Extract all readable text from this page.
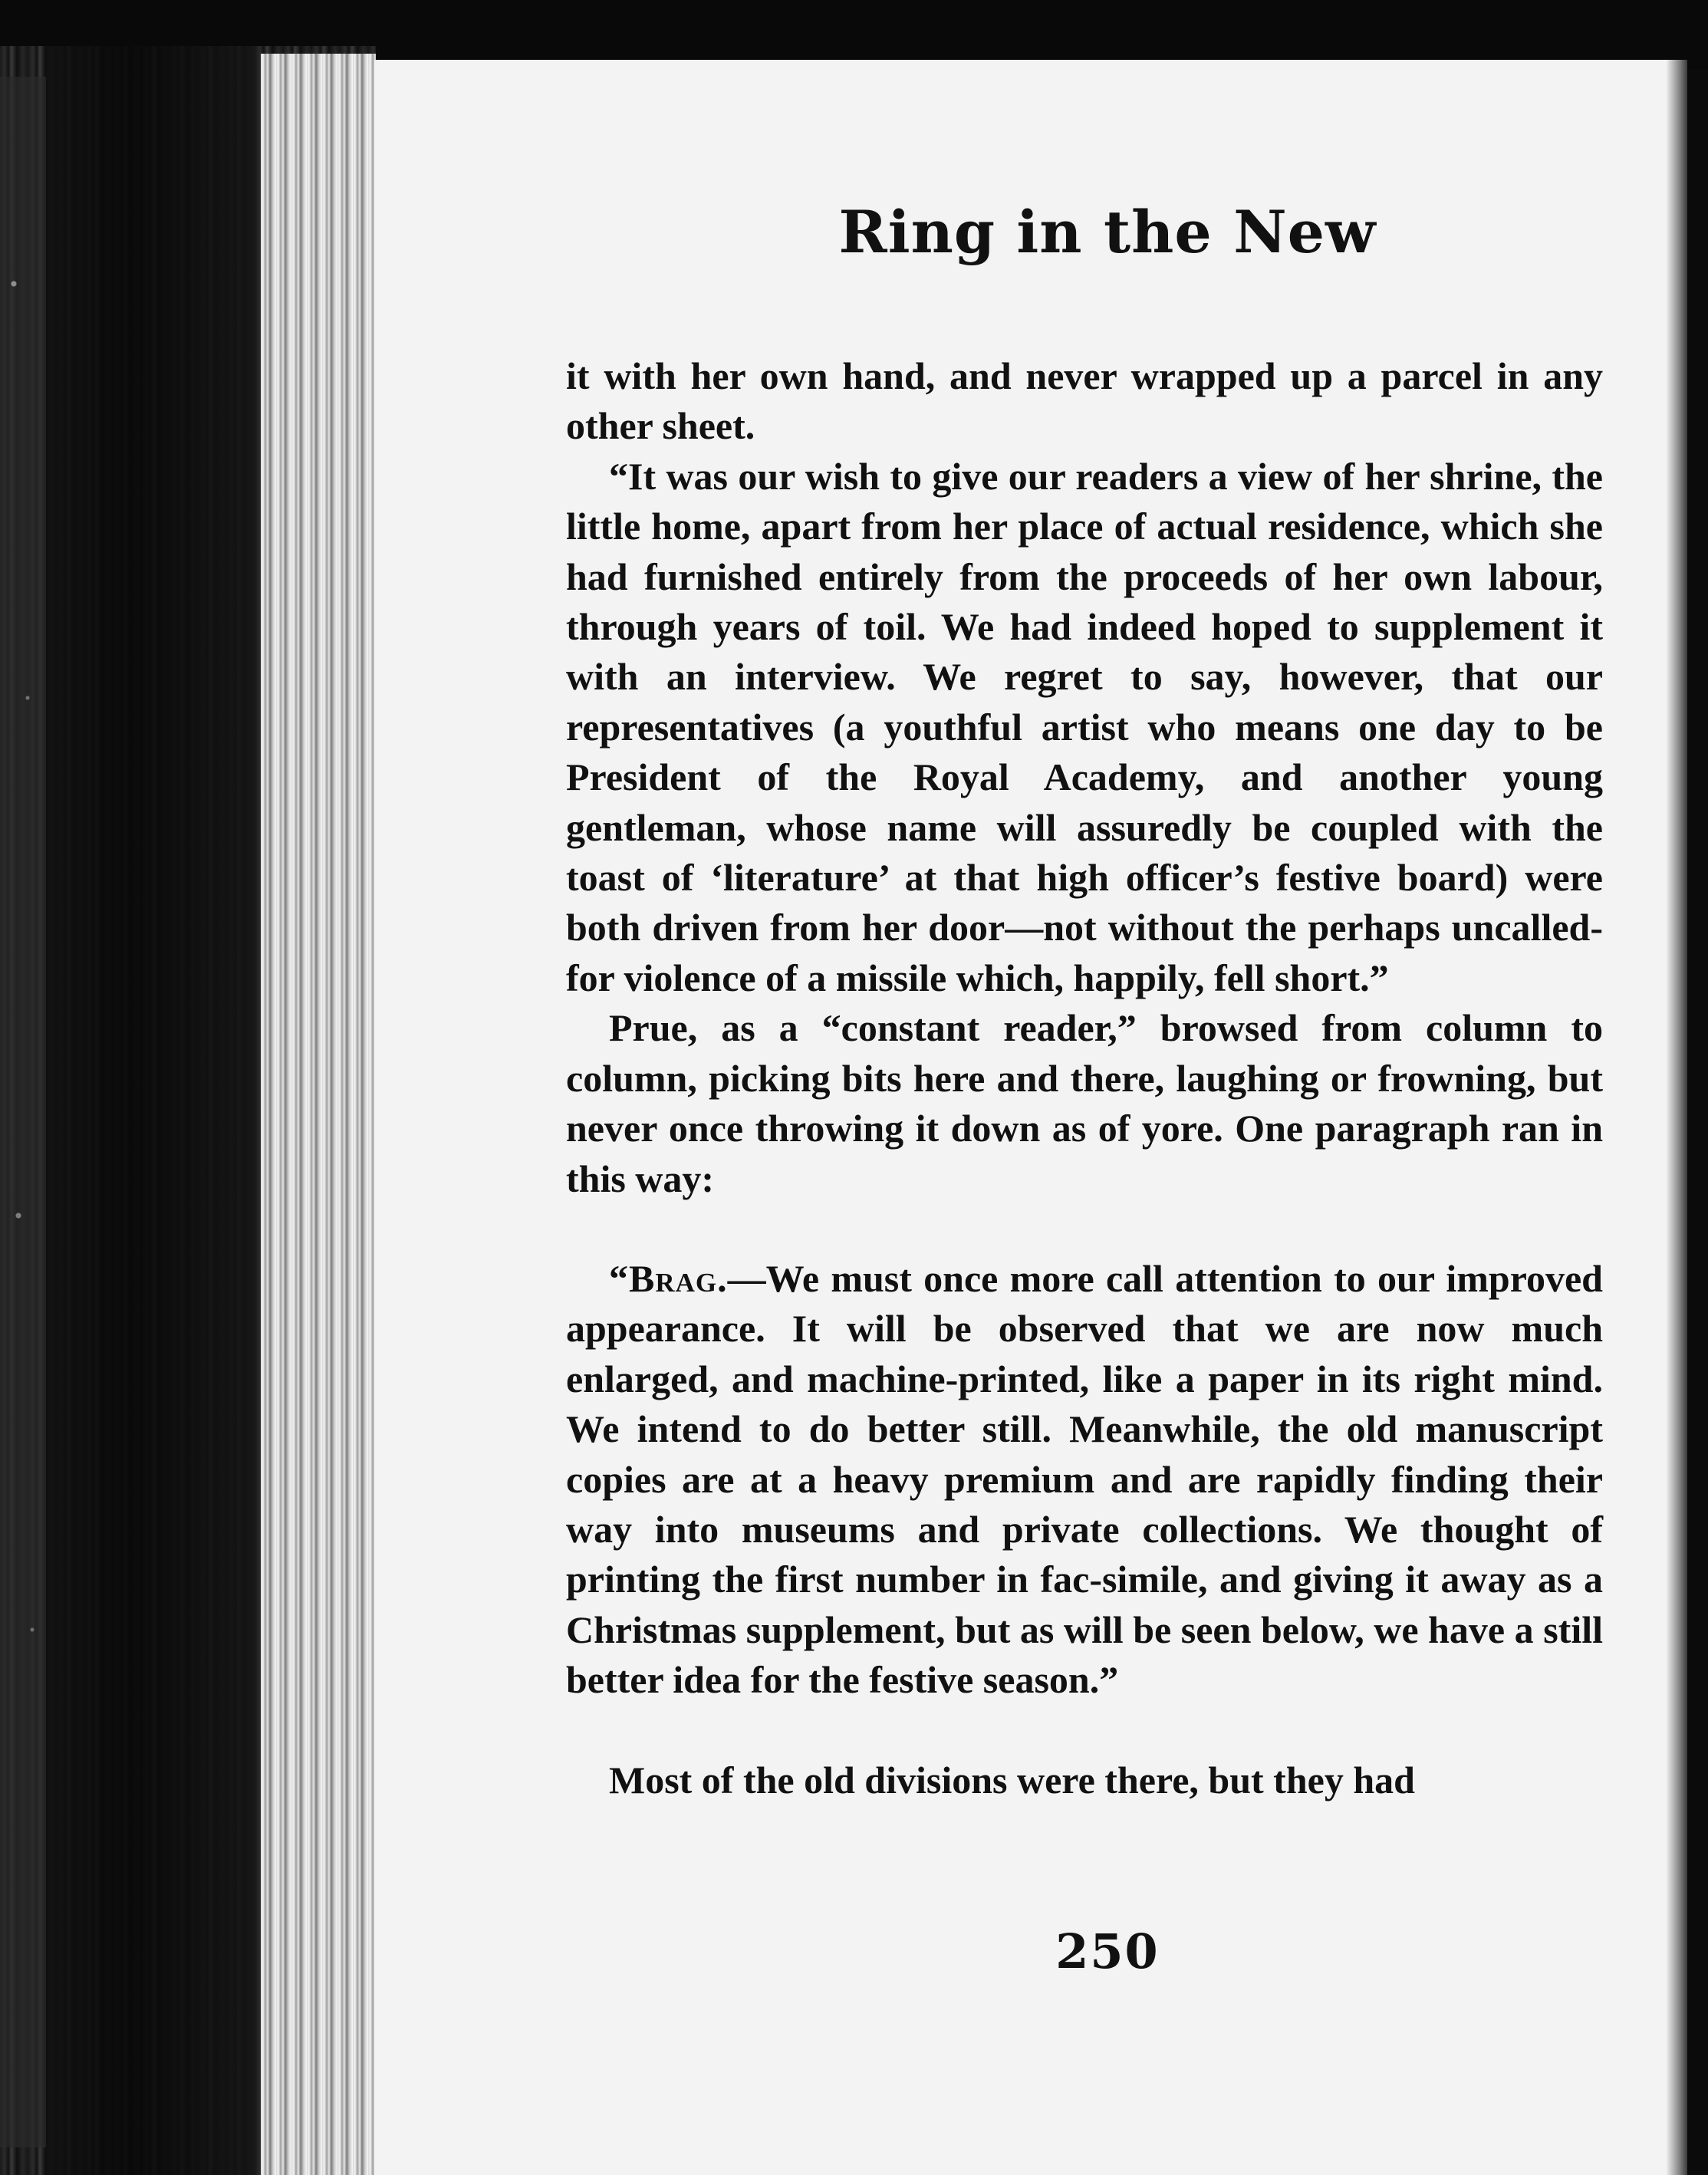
Ring in the New

it with her own hand, and never wrapped up a parcel in any other sheet.

“It was our wish to give our readers a view of her shrine, the little home, apart from her place of actual residence, which she had furnished entirely from the proceeds of her own labour, through years of toil. We had indeed hoped to supplement it with an interview. We regret to say, however, that our representatives (a youthful artist who means one day to be President of the Royal Academy, and another young gentleman, whose name will assuredly be coupled with the toast of ‘literature’ at that high officer’s festive board) were both driven from her door—not without the perhaps uncalled-for violence of a missile which, happily, fell short.”

Prue, as a “constant reader,” browsed from column to column, picking bits here and there, laughing or frowning, but never once throwing it down as of yore. One paragraph ran in this way:

“Brag.—We must once more call attention to our improved appearance. It will be observed that we are now much enlarged, and machine-printed, like a paper in its right mind. We intend to do better still. Meanwhile, the old manuscript copies are at a heavy premium and are rapidly finding their way into museums and private collections. We thought of printing the first number in fac-simile, and giving it away as a Christmas supplement, but as will be seen below, we have a still better idea for the festive season.”

Most of the old divisions were there, but they had

250
